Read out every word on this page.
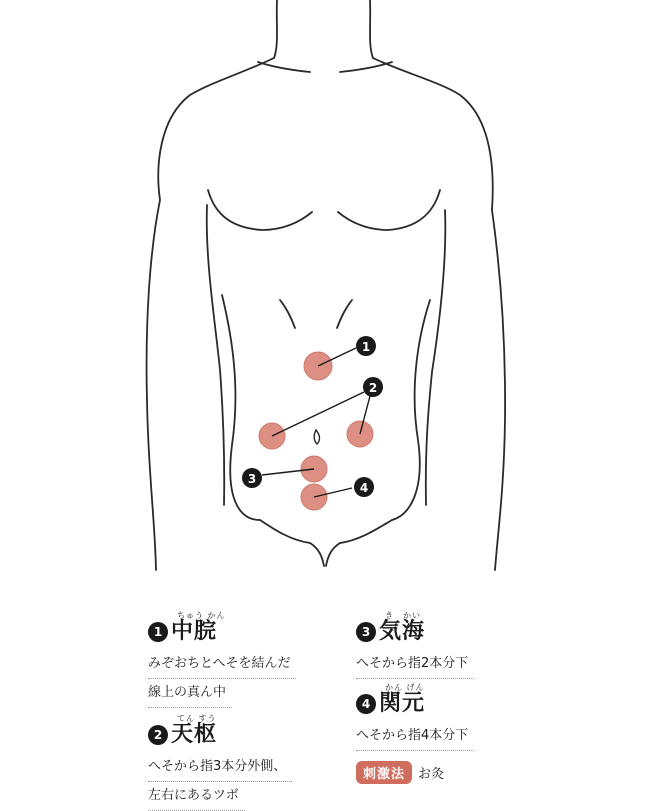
1
2
3
4
1
ちゅう かん
中脘
みぞおちとへそを結んだ
線上の真ん中
2
てん すう
天枢
へそから指3本分外側、
左右にあるツボ
3
き　かい
気海
へそから指2本分下
4
かん げん
関元
へそから指4本分下
刺激法	お灸
